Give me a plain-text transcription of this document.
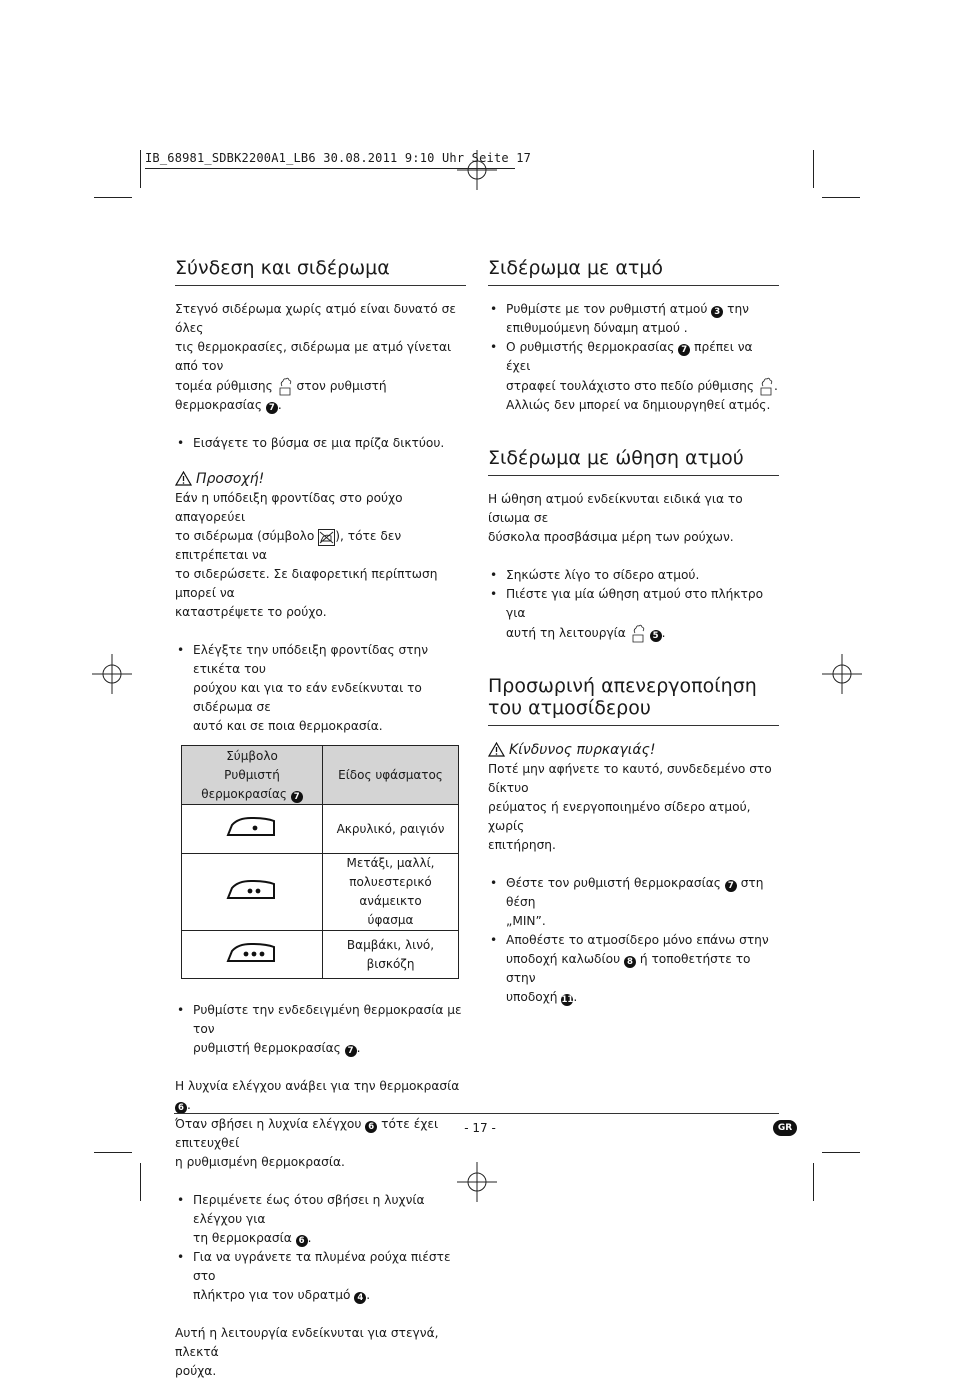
IB_68981_SDBK2200A1_LB6 30.08.2011 9:10 Uhr Seite 17
Σύνδεση και σιδέρωμα

Στεγνό σιδέρωμα χωρίς ατμό είναι δυνατό σε όλες
τις θερμοκρασίες, σιδέρωμα με ατμό γίνεται από τον
τομέα ρύθμισης στον ρυθμιστή θερμοκρασίας 7 .

• Εισάγετε το βύσμα σε μια πρίζα δικτύου.
Προσοχή!

Εάν η υπόδειξη φροντίδας στο ρούχο απαγορεύει
το σιδέρωμα (σύμβολο ), τότε δεν επιτρέπεται να
το σιδερώσετε. Σε διαφορετική περίπτωση μπορεί να
καταστρέψετε το ρούχο.

• Ελέγξτε την υπόδειξη φροντίδας στην ετικέτα του
ρούχου και για το εάν ενδείκνυται το σιδέρωμα σε
αυτό και σε ποια θερμοκρασία.
Σύμβολο
Ρυθμιστή
θερμοκρασίας 7	Είδος υφάσματος
	Ακρυλικό, ραιγιόν
	Μετάξι, μαλλί,
πολυεστερικό ανάμεικτο
ύφασμα
	Βαμβάκι, λινό, βισκόζη
• Ρυθμίστε την ενδεδειγμένη θερμοκρασία με τον
ρυθμιστή θερμοκρασίας 7 .

Η λυχνία ελέγχου ανάβει για την θερμοκρασία 6 .
Όταν σβήσει η λυχνία ελέγχου 6 τότε έχει επιτευχθεί
η ρυθμισμένη θερμοκρασία.

• Περιμένετε έως ότου σβήσει η λυχνία ελέγχου για
τη θερμοκρασία 6 .
• Για να υγράνετε τα πλυμένα ρούχα πιέστε στο
πλήκτρο για τον υδρατμό 4 .

Αυτή η λειτουργία ενδείκνυται για στεγνά, πλεκτά
ρούχα.

Σιδέρωμα με ατμό
• Ρυθμίστε με τον ρυθμιστή ατμού 3 την
επιθυμούμενη δύναμη ατμού .
• Ο ρυθμιστής θερμοκρασίας 7 πρέπει να έχει
στραφεί τουλάχιστο στο πεδίο ρύθμισης .
Αλλιώς δεν μπορεί να δημιουργηθεί ατμός.
Σιδέρωμα με ώθηση ατμού

Η ώθηση ατμού ενδείκνυται ειδικά για το ίσιωμα σε
δύσκολα προσβάσιμα μέρη των ρούχων.

• Σηκώστε λίγο το σίδερο ατμού.
• Πιέστε για μία ώθηση ατμού στο πλήκτρο για
αυτή τη λειτουργία	5 .
Προσωρινή απενεργοποίηση
του ατμοσίδερου
Κίνδυνος πυρκαγιάς!

Ποτέ μην αφήνετε το καυτό, συνδεδεμένο στο δίκτυο
ρεύματος ή ενεργοποιημένο σίδερο ατμού, χωρίς
επιτήρηση.

• Θέστε τον ρυθμιστή θερμοκρασίας 7 στη θέση
„MIN”.
• Αποθέστε το ατμοσίδερο μόνο επάνω στην
υποδοχή καλωδίου 8 ή τοποθετήστε το στην
υποδοχή 11.
- 17 -	GR
